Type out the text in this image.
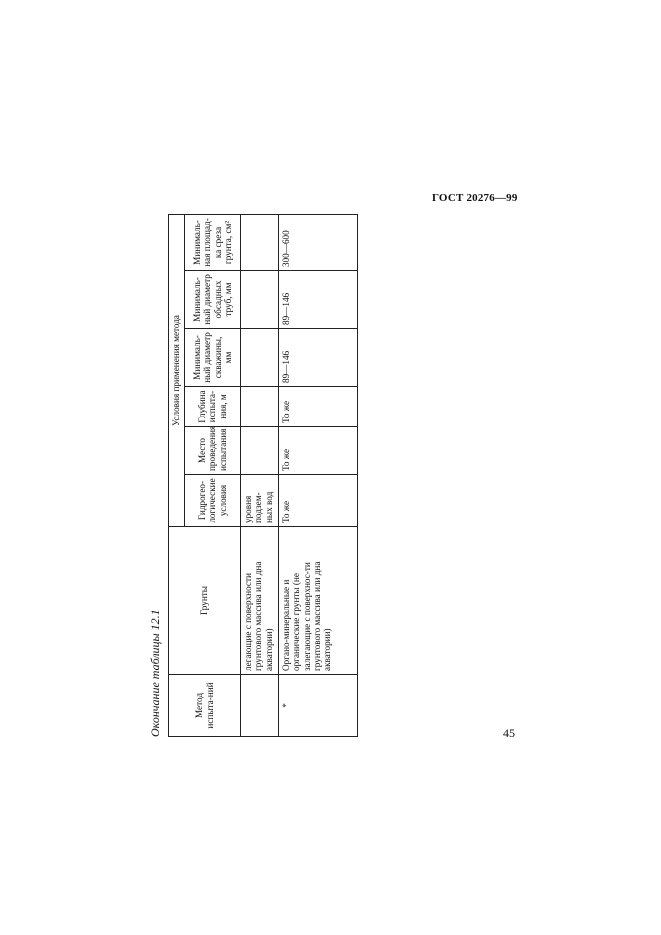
ГОСТ 20276—99
Окончание таблицы 12.1	Метод испыта-ний	Грунты	Условия применения метода					
		Гидрогео-логические условия	Место проведения испытания	Глубина испыта-ния, м	Минималь-ный диаметр скважины, мм	Минималь-ный диаметр обсадных труб, мм	Минималь-ная площад-ка среза грунта, см²
	легающие с поверхности грунтового массива или дна акватории)	уровня подзем-ных вод					
*	Органо-минеральные и органические грунты (не залегающие с поверхнос-ти грунтового массива или дна акватории)	То же	То же	То же	89—146	89—146	300—600
45
